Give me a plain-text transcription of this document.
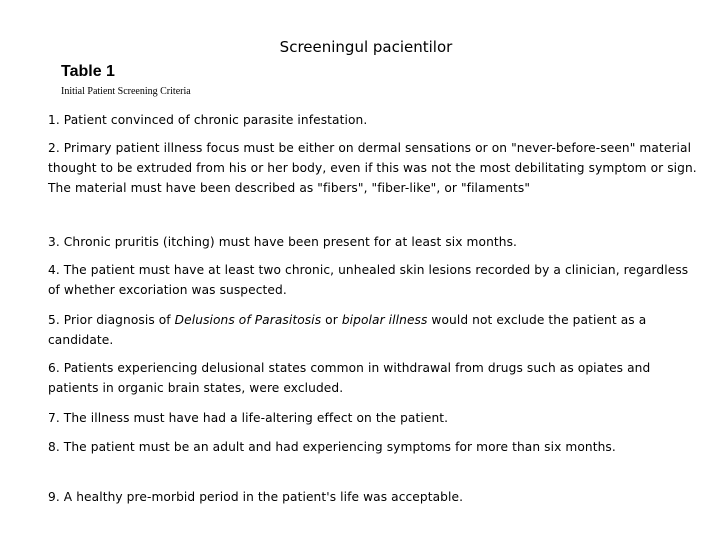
Screeningul pacientilor
Table 1
Initial Patient Screening Criteria
1. Patient convinced of chronic parasite infestation.
2. Primary patient illness focus must be either on dermal sensations or on "never-before-seen" material thought to be extruded from his or her body, even if this was not the most debilitating symptom or sign. The material must have been described as "fibers", "fiber-like", or "filaments"
3. Chronic pruritis (itching) must have been present for at least six months.
4. The patient must have at least two chronic, unhealed skin lesions recorded by a clinician, regardless of whether excoriation was suspected.
5. Prior diagnosis of Delusions of Parasitosis or bipolar illness would not exclude the patient as a candidate.
6. Patients experiencing delusional states common in withdrawal from drugs such as opiates and patients in organic brain states, were excluded.
7. The illness must have had a life-altering effect on the patient.
8. The patient must be an adult and had experiencing symptoms for more than six months.
9. A healthy pre-morbid period in the patient's life was acceptable.
